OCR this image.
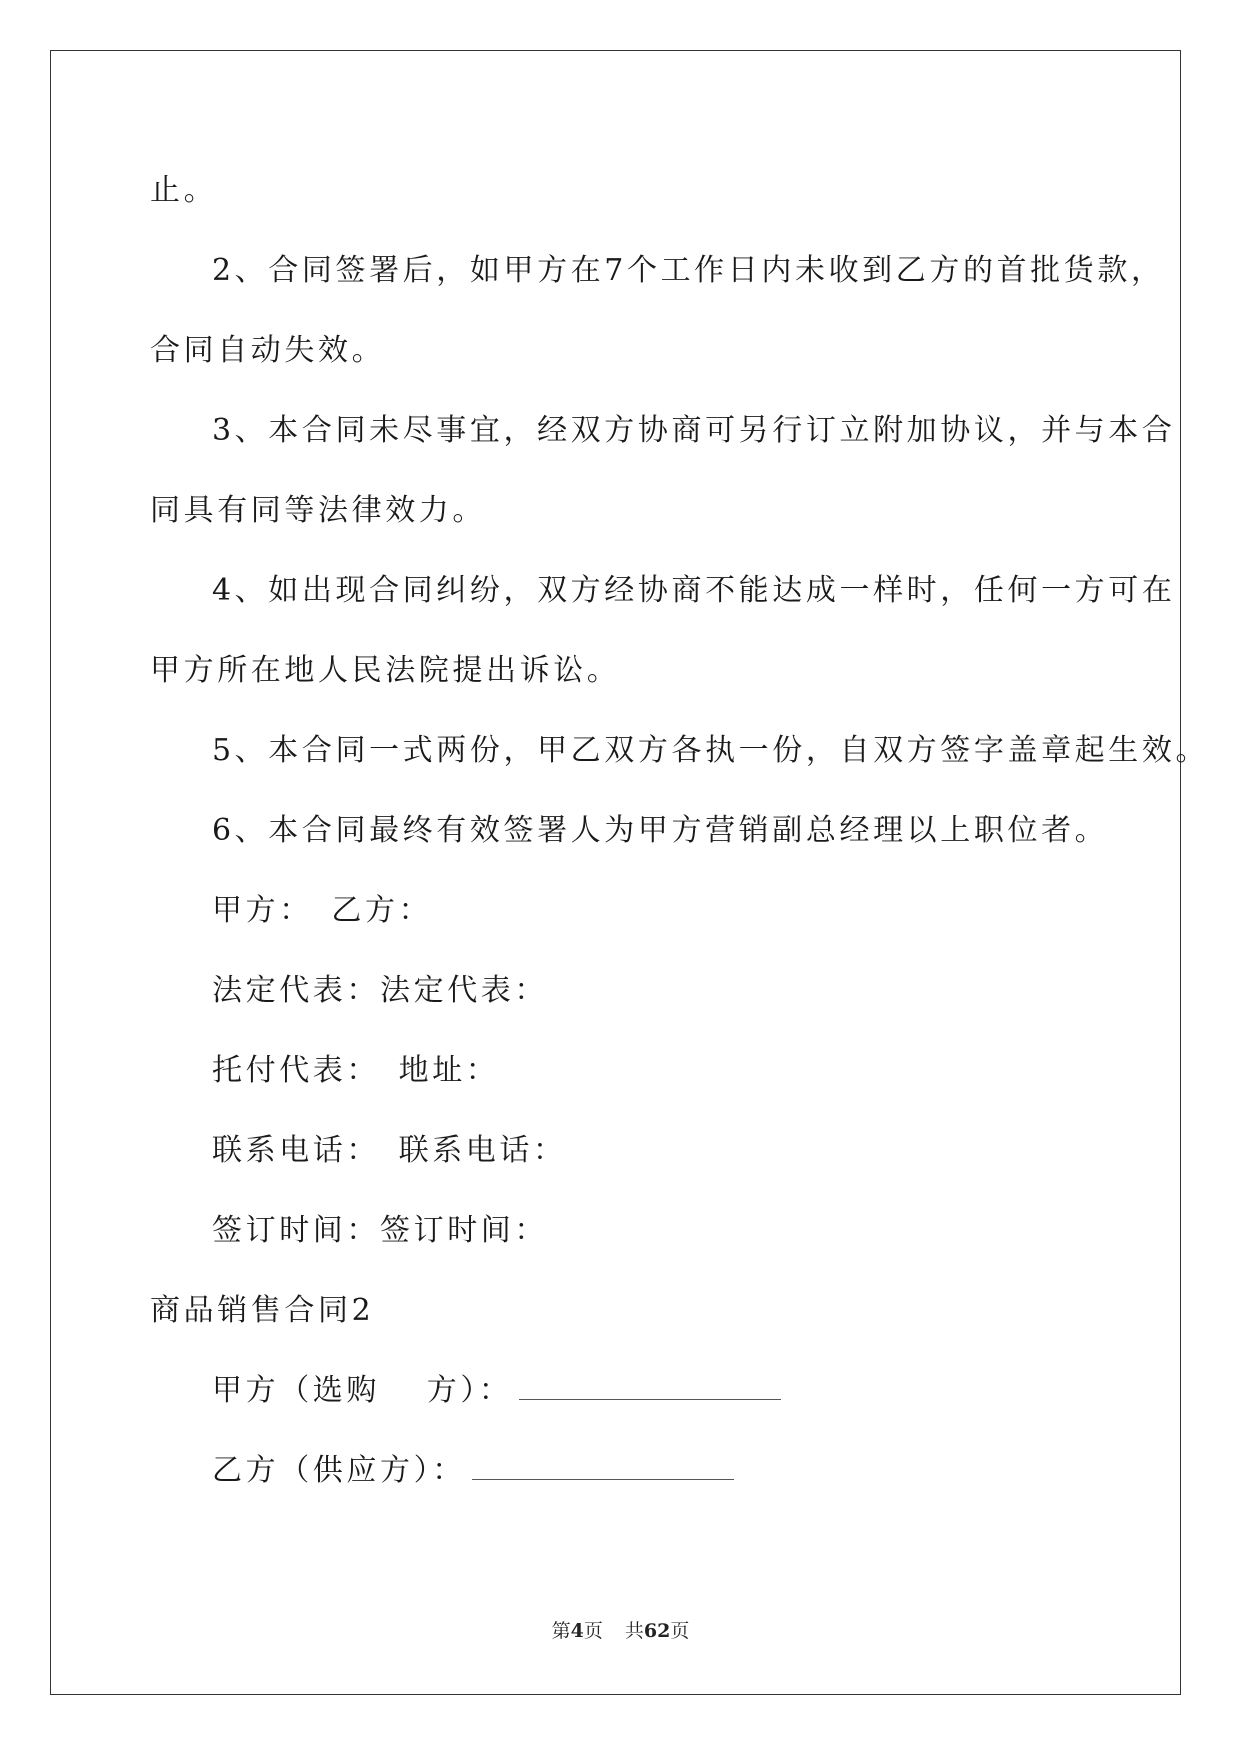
止。
2、合同签署后，如甲方在7个工作日内未收到乙方的首批货款，
合同自动失效。
3、本合同未尽事宜，经双方协商可另行订立附加协议，并与本合
同具有同等法律效力。
4、如出现合同纠纷，双方经协商不能达成一样时，任何一方可在
甲方所在地人民法院提出诉讼。
5、本合同一式两份，甲乙双方各执一份，自双方签字盖章起生效。
6、本合同最终有效签署人为甲方营销副总经理以上职位者。
甲方：　乙方：
法定代表：法定代表：
托付代表：　地址：
联系电话：　联系电话：
签订时间：签订时间：
商品销售合同2
甲方（选购　 方）：
乙方（供应方）：
第4页 共62页
